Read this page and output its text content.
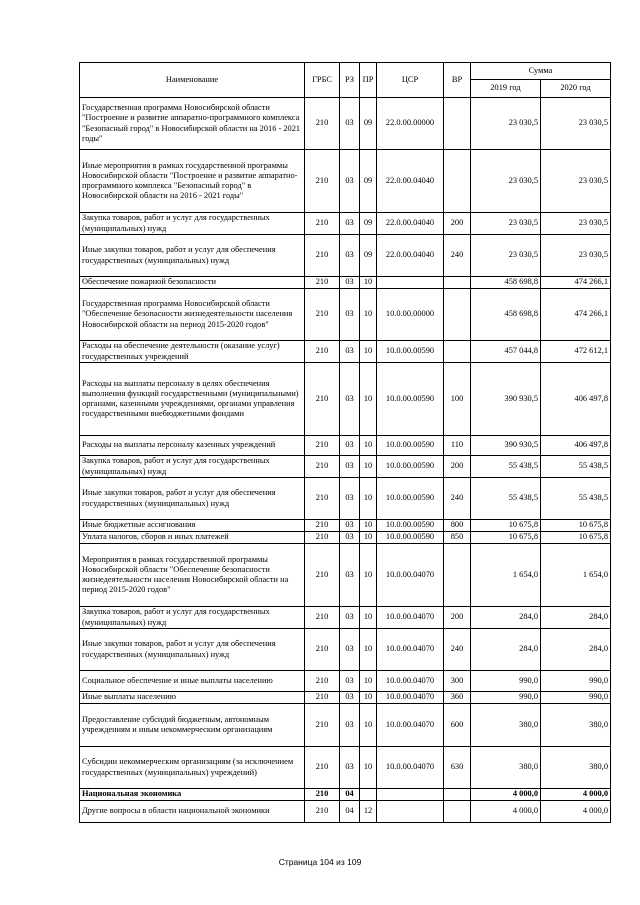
Наименование	ГРБС	РЗ	ПР	ЦСР	ВР	Сумма	
						2019 год	2020 год
Государственная программа Новосибирской области "Построение и развитие аппаратно-программного комплекса "Безопасный город" в Новосибирской области на 2016 - 2021 годы"	210	03	09	22.0.00.00000		23 030,5	23 030,5
Иные мероприятия в рамках государственной программы Новосибирской области "Построение и развитие аппаратно-программного комплекса "Безопасный город" в Новосибирской области на 2016 - 2021 годы"	210	03	09	22.0.00.04040		23 030,5	23 030,5
Закупка товаров, работ и услуг для государственных (муниципальных) нужд	210	03	09	22.0.00.04040	200	23 030,5	23 030,5
Иные закупки товаров, работ и услуг для обеспечения государственных (муниципальных) нужд	210	03	09	22.0.00.04040	240	23 030,5	23 030,5
Обеспечение пожарной безопасности	210	03	10			458 698,8	474 266,1
Государственная программа Новосибирской области "Обеспечение безопасности жизнедеятельности населения Новосибирской области на период 2015-2020 годов"	210	03	10	10.0.00.00000		458 698,8	474 266,1
Расходы на обеспечение деятельности (оказание услуг) государственных учреждений	210	03	10	10.0.00.00590		457 044,8	472 612,1
Расходы на выплаты персоналу в целях обеспечения выполнения функций государственными (муниципальными) органами, казенными учреждениями, органами управления государственными внебюджетными фондами	210	03	10	10.0.00.00590	100	390 930,5	406 497,8
Расходы на выплаты персоналу казенных учреждений	210	03	10	10.0.00.00590	110	390 930,5	406 497,8
Закупка товаров, работ и услуг для государственных (муниципальных) нужд	210	03	10	10.0.00.00590	200	55 438,5	55 438,5
Иные закупки товаров, работ и услуг для обеспечения государственных (муниципальных) нужд	210	03	10	10.0.00.00590	240	55 438,5	55 438,5
Иные бюджетные ассигнования	210	03	10	10.0.00.00590	800	10 675,8	10 675,8
Уплата налогов, сборов и иных платежей	210	03	10	10.0.00.00590	850	10 675,8	10 675,8
Мероприятия в рамках государственной программы Новосибирской области "Обеспечение безопасности жизнедеятельности населения Новосибирской области на период 2015-2020 годов"	210	03	10	10.0.00.04070		1 654,0	1 654,0
Закупка товаров, работ и услуг для государственных (муниципальных) нужд	210	03	10	10.0.00.04070	200	284,0	284,0
Иные закупки товаров, работ и услуг для обеспечения государственных (муниципальных) нужд	210	03	10	10.0.00.04070	240	284,0	284,0
Социальное обеспечение и иные выплаты населению	210	03	10	10.0.00.04070	300	990,0	990,0
Иные выплаты населению	210	03	10	10.0.00.04070	360	990,0	990,0
Предоставление субсидий бюджетным, автономным учреждениям и иным некоммерческим организациям	210	03	10	10.0.00.04070	600	380,0	380,0
Субсидии некоммерческим организациям (за исключением государственных (муниципальных) учреждений)	210	03	10	10.0.00.04070	630	380,0	380,0
Национальная экономика	210	04				4 000,0	4 000,0
Другие вопросы в области национальной экономики	210	04	12			4 000,0	4 000,0
Страница 104 из 109
